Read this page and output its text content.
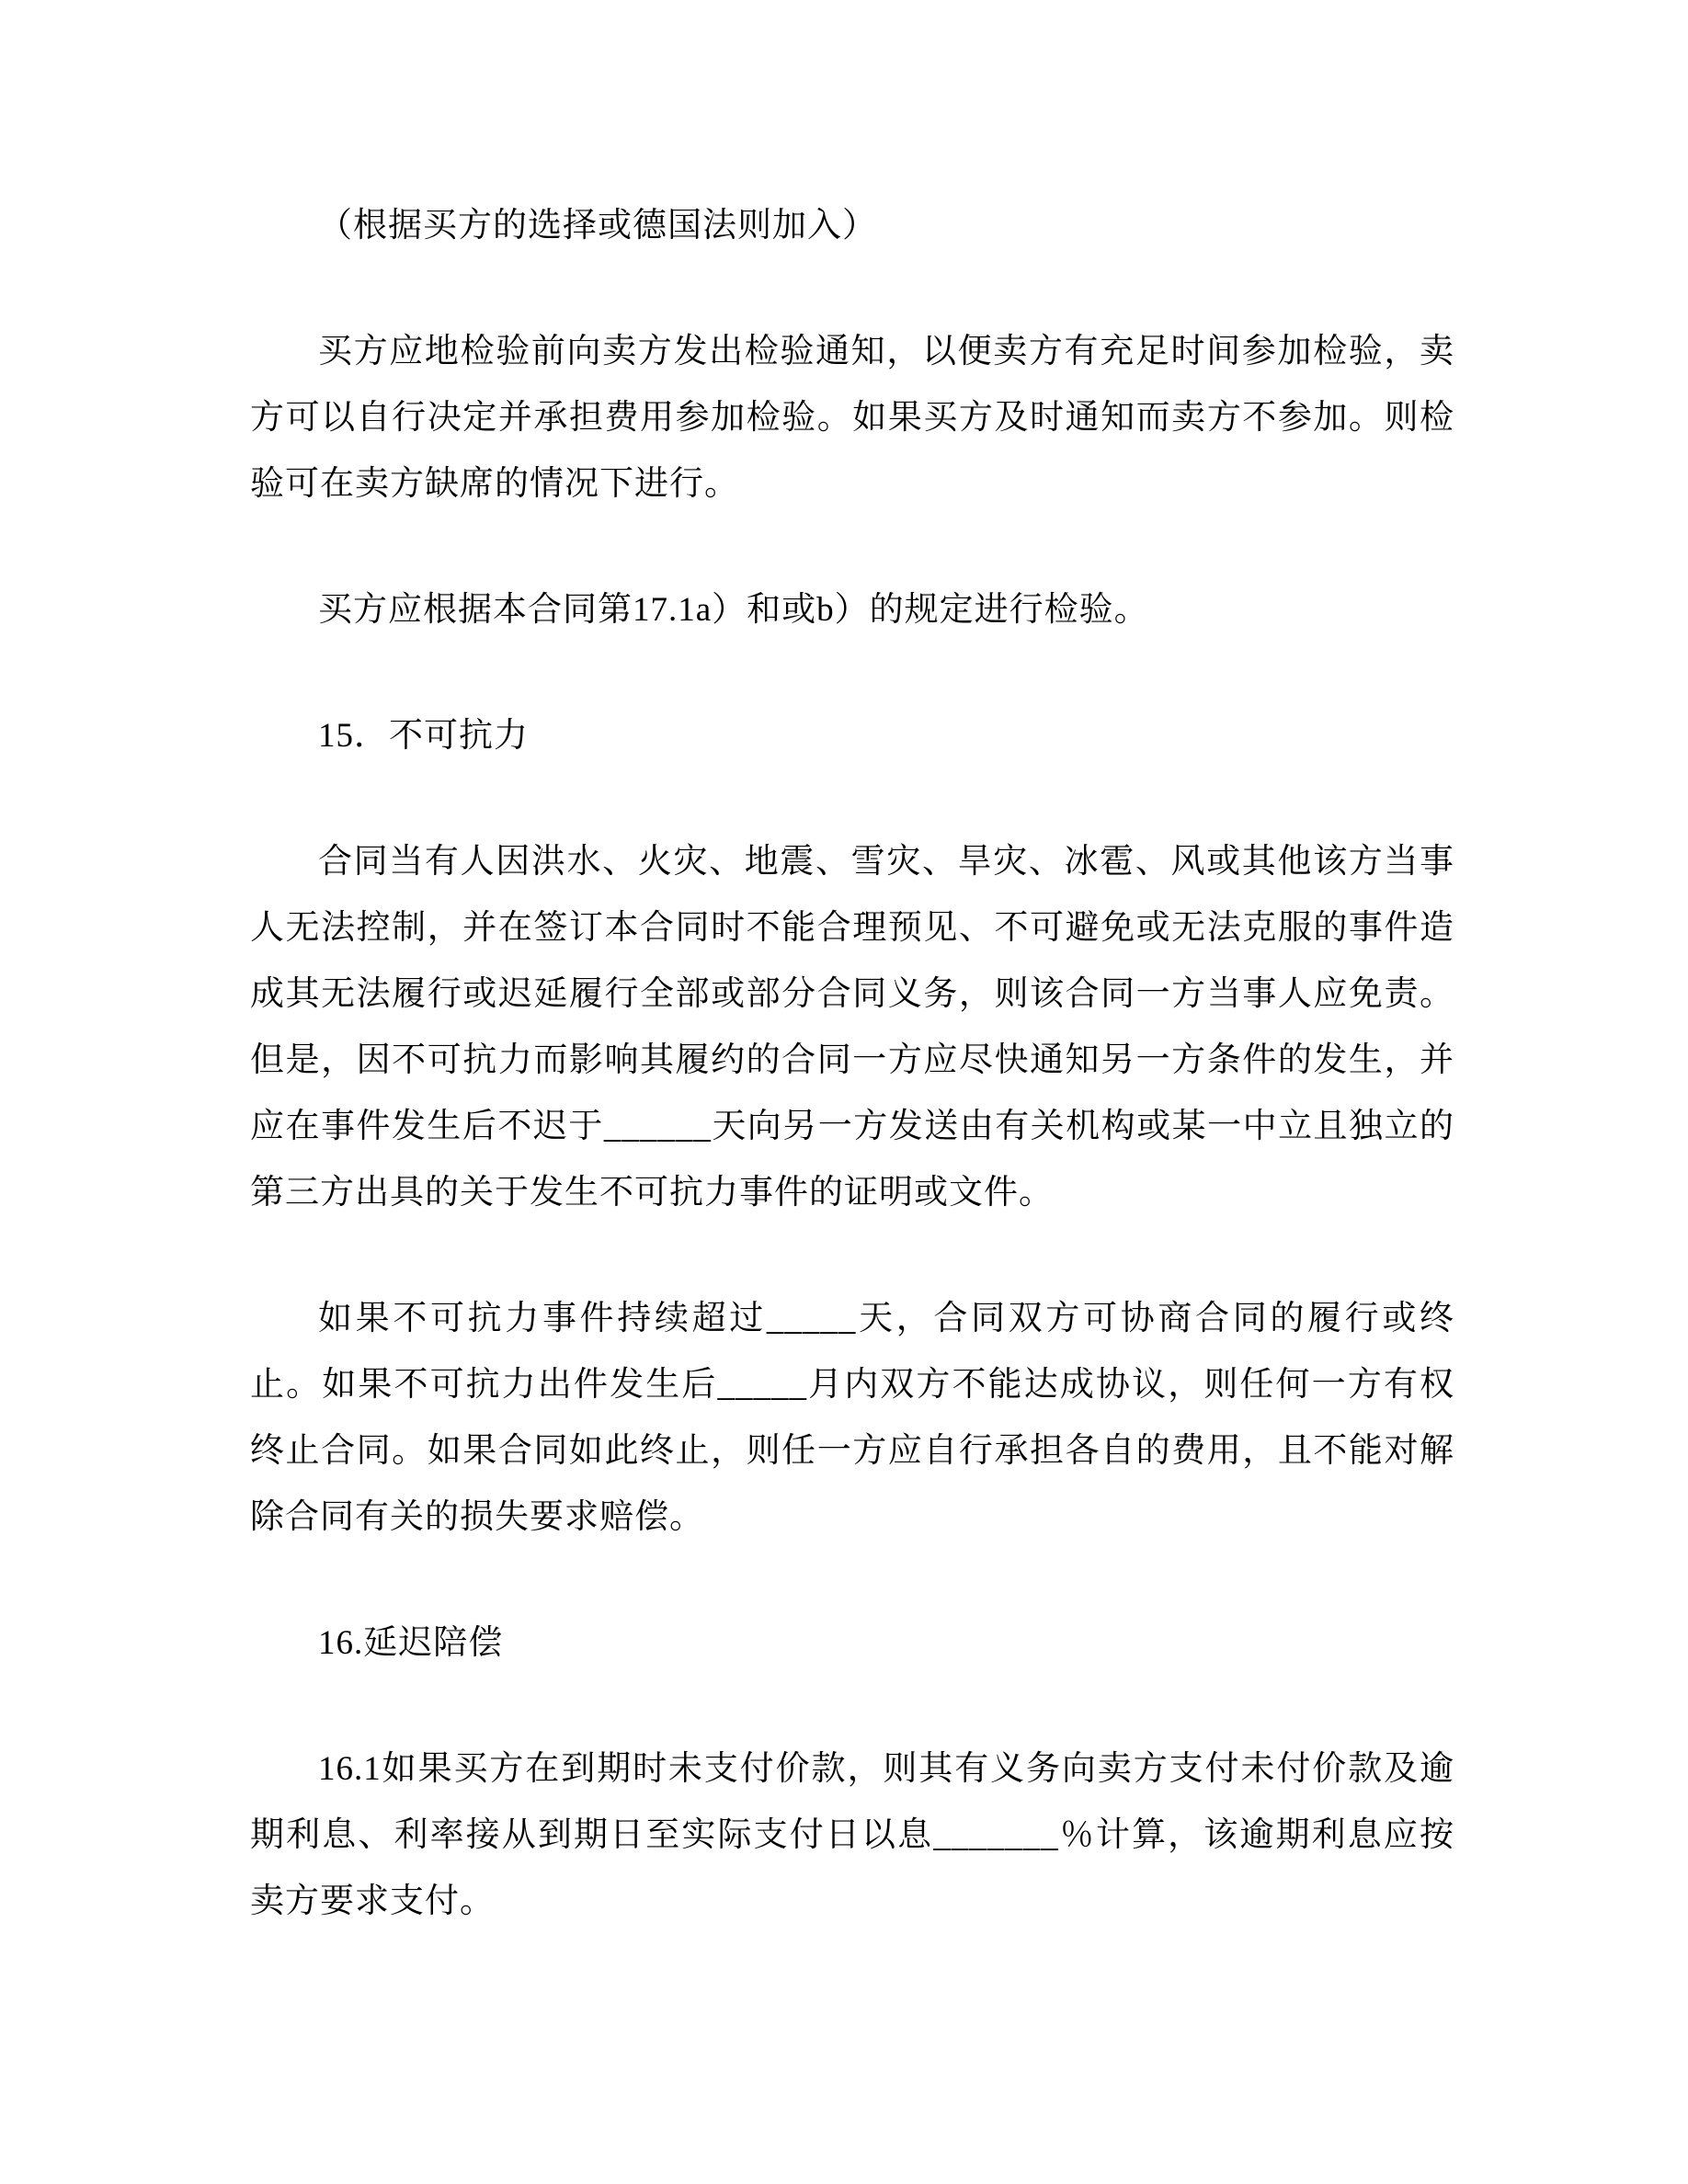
（根据买方的选择或德国法则加入）

买方应地检验前向卖方发出检验通知，以便卖方有充足时间参加检验，卖方可以自行决定并承担费用参加检验。如果买方及时通知而卖方不参加。则检验可在卖方缺席的情况下进行。

买方应根据本合同第17.1a）和或b）的规定进行检验。

15．不可抗力

合同当有人因洪水、火灾、地震、雪灾、旱灾、冰雹、风或其他该方当事人无法控制，并在签订本合同时不能合理预见、不可避免或无法克服的事件造成其无法履行或迟延履行全部或部分合同义务，则该合同一方当事人应免责。但是，因不可抗力而影响其履约的合同一方应尽快通知另一方条件的发生，并应在事件发生后不迟于______天向另一方发送由有关机构或某一中立且独立的第三方出具的关于发生不可抗力事件的证明或文件。

如果不可抗力事件持续超过_____天，合同双方可协商合同的履行或终止。如果不可抗力出件发生后_____月内双方不能达成协议，则任何一方有权终止合同。如果合同如此终止，则任一方应自行承担各自的费用，且不能对解除合同有关的损失要求赔偿。

16.延迟陪偿

16.1如果买方在到期时未支付价款，则其有义务向卖方支付未付价款及逾期利息、利率接从到期日至实际支付日以息_______％计算，该逾期利息应按卖方要求支付。
